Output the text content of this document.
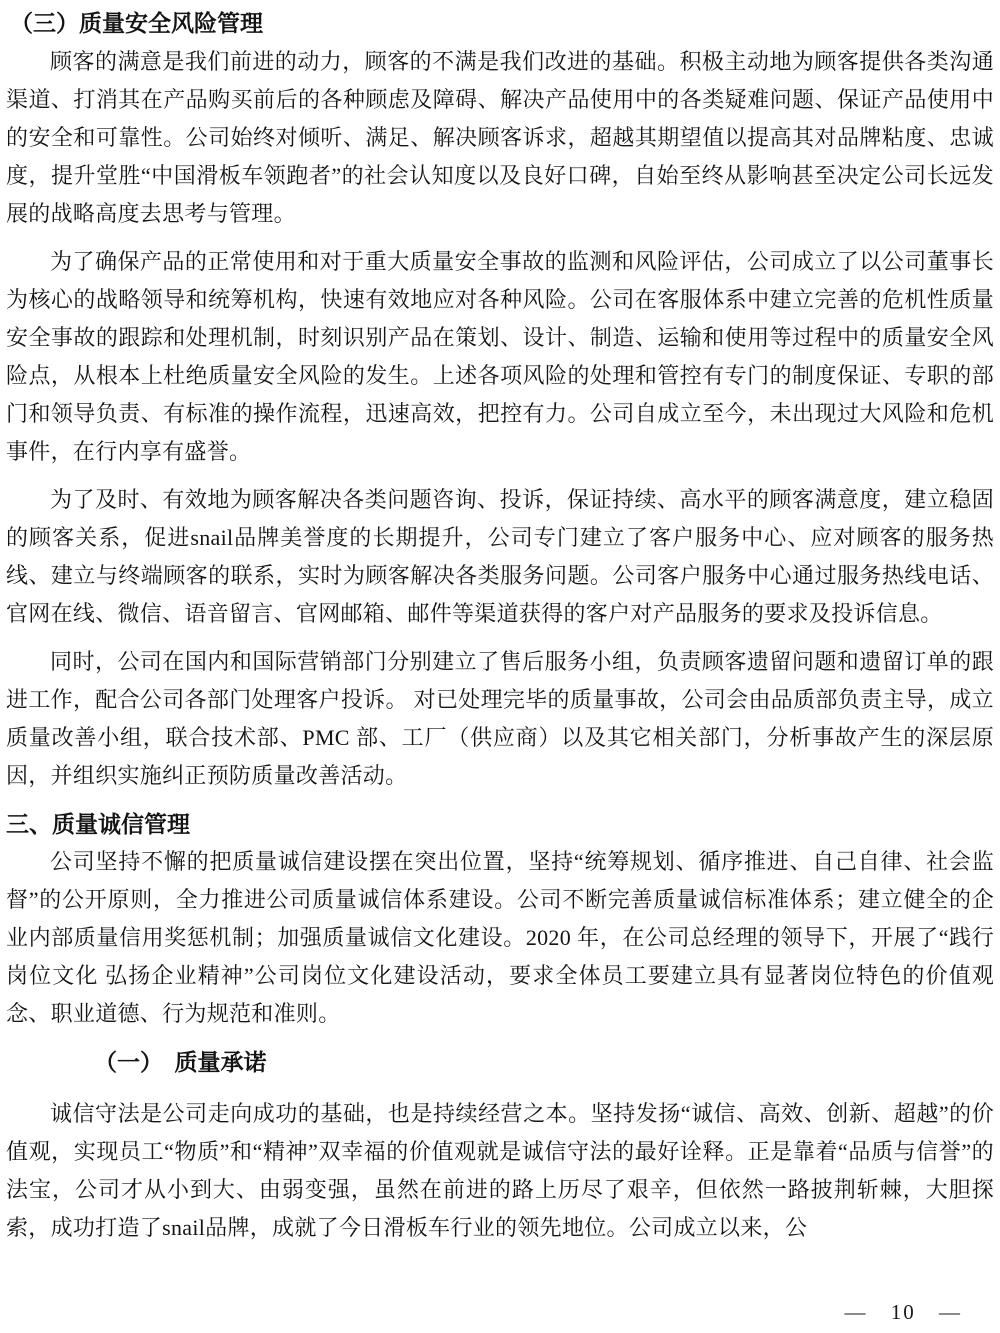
（三）质量安全风险管理

顾客的满意是我们前进的动力，顾客的不满是我们改进的基础。积极主动地为顾客提供各类沟通渠道、打消其在产品购买前后的各种顾虑及障碍、解决产品使用中的各类疑难问题、保证产品使用中的安全和可靠性。公司始终对倾听、满足、解决顾客诉求，超越其期望值以提高其对品牌粘度、忠诚度，提升堂胜“中国滑板车领跑者”的社会认知度以及良好口碑，自始至终从影响甚至决定公司长远发展的战略高度去思考与管理。

为了确保产品的正常使用和对于重大质量安全事故的监测和风险评估，公司成立了以公司董事长为核心的战略领导和统筹机构，快速有效地应对各种风险。公司在客服体系中建立完善的危机性质量安全事故的跟踪和处理机制，时刻识别产品在策划、设计、制造、运输和使用等过程中的质量安全风险点，从根本上杜绝质量安全风险的发生。上述各项风险的处理和管控有专门的制度保证、专职的部门和领导负责、有标准的操作流程，迅速高效，把控有力。公司自成立至今，未出现过大风险和危机事件，在行内享有盛誉。

为了及时、有效地为顾客解决各类问题咨询、投诉，保证持续、高水平的顾客满意度，建立稳固的顾客关系，促进snail品牌美誉度的长期提升，公司专门建立了客户服务中心、应对顾客的服务热线、建立与终端顾客的联系，实时为顾客解决各类服务问题。公司客户服务中心通过服务热线电话、官网在线、微信、语音留言、官网邮箱、邮件等渠道获得的客户对产品服务的要求及投诉信息。

同时，公司在国内和国际营销部门分别建立了售后服务小组，负责顾客遗留问题和遗留订单的跟进工作，配合公司各部门处理客户投诉。 对已处理完毕的质量事故，公司会由品质部负责主导，成立质量改善小组，联合技术部、PMC 部、工厂（供应商）以及其它相关部门，分析事故产生的深层原因，并组织实施纠正预防质量改善活动。

三、质量诚信管理

公司坚持不懈的把质量诚信建设摆在突出位置，坚持“统筹规划、循序推进、自己自律、社会监督”的公开原则，全力推进公司质量诚信体系建设。公司不断完善质量诚信标准体系；建立健全的企业内部质量信用奖惩机制；加强质量诚信文化建设。2020 年，在公司总经理的领导下，开展了“践行岗位文化 弘扬企业精神”公司岗位文化建设活动，要求全体员工要建立具有显著岗位特色的价值观念、职业道德、行为规范和准则。

（一）　质量承诺

诚信守法是公司走向成功的基础，也是持续经营之本。坚持发扬“诚信、高效、创新、超越”的价值观，实现员工“物质”和“精神”双幸福的价值观就是诚信守法的最好诠释。正是靠着“品质与信誉”的法宝，公司才从小到大、由弱变强，虽然在前进的路上历尽了艰辛，但依然一路披荆斩棘，大胆探索，成功打造了snail品牌，成就了今日滑板车行业的领先地位。公司成立以来，公

— 10 —
